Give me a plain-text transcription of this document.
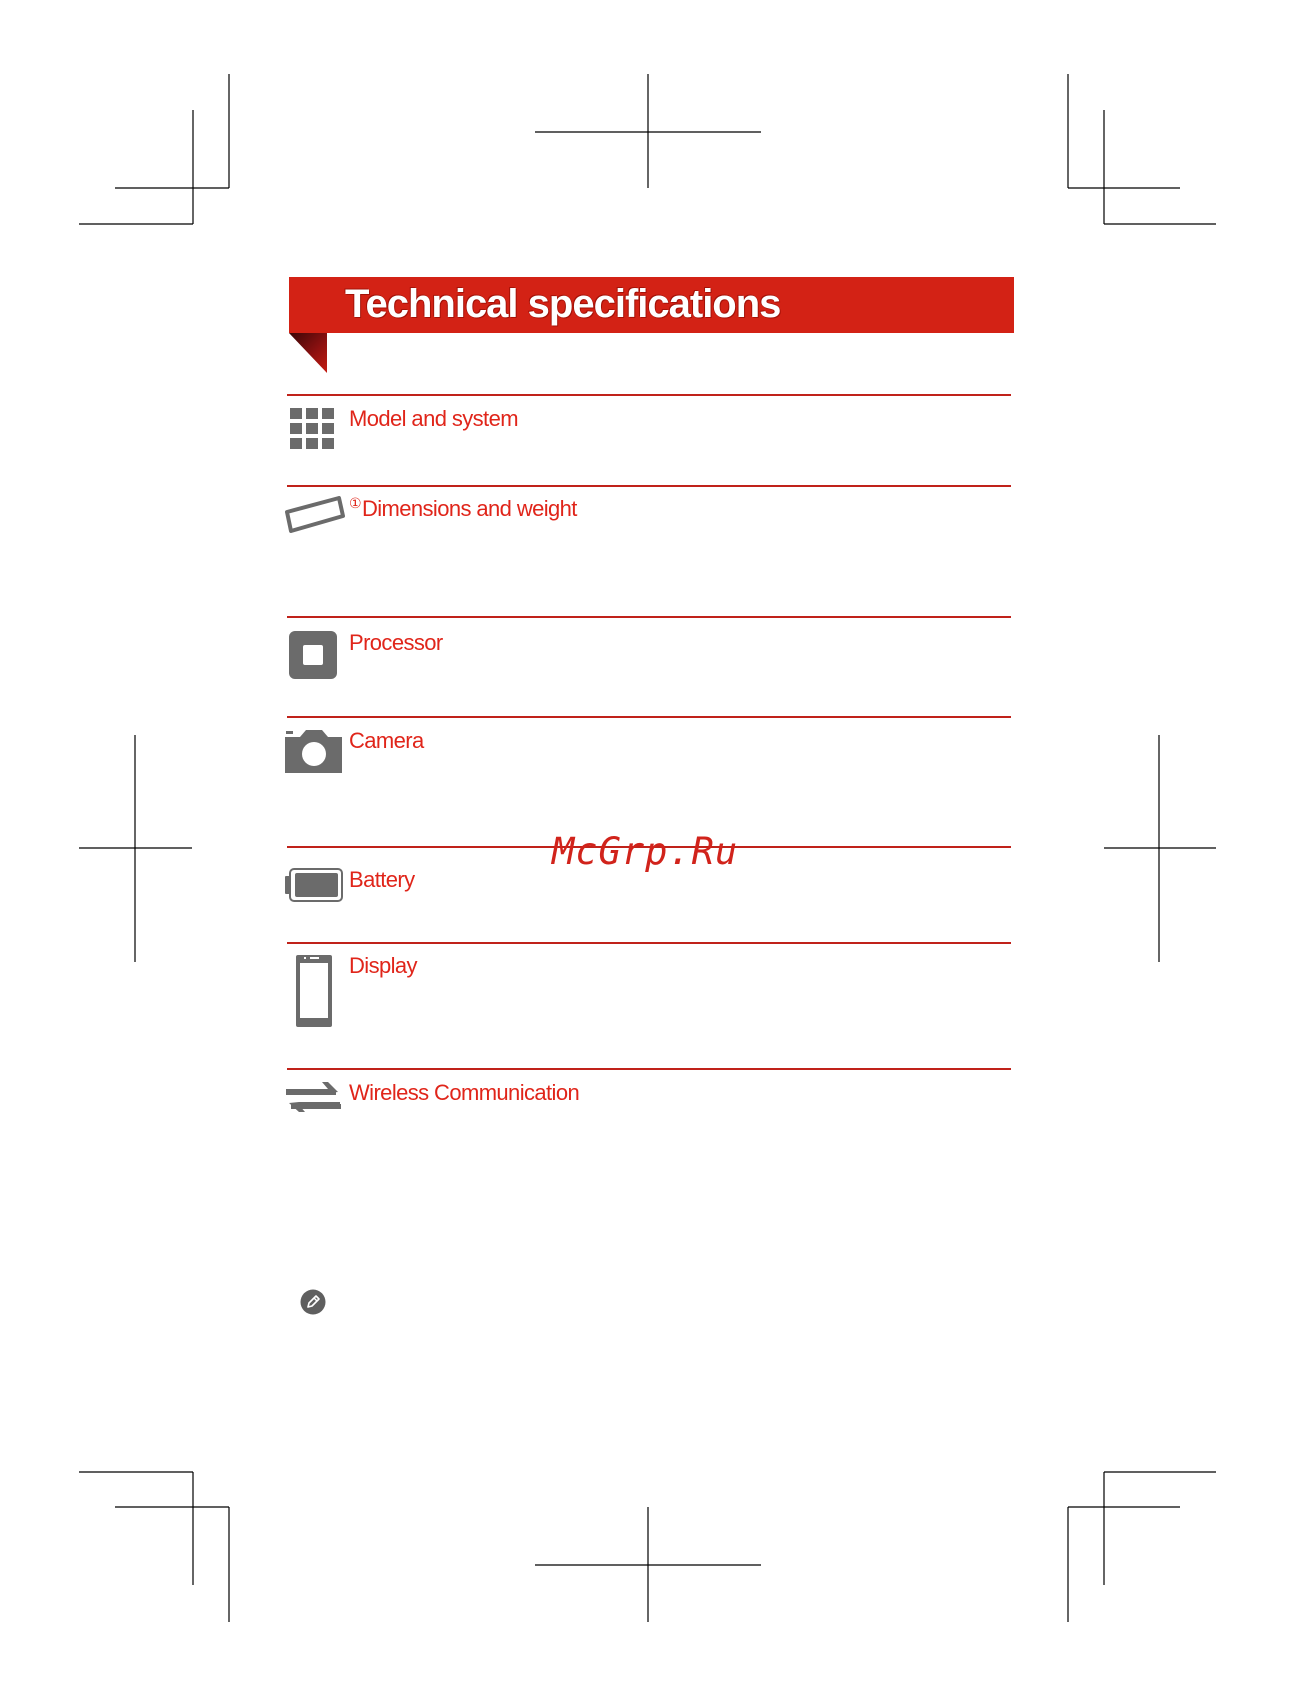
Technical specifications
Model and system
①Dimensions and weight
Processor
Camera
Battery
Display
Wireless Communication
McGrp.Ru
